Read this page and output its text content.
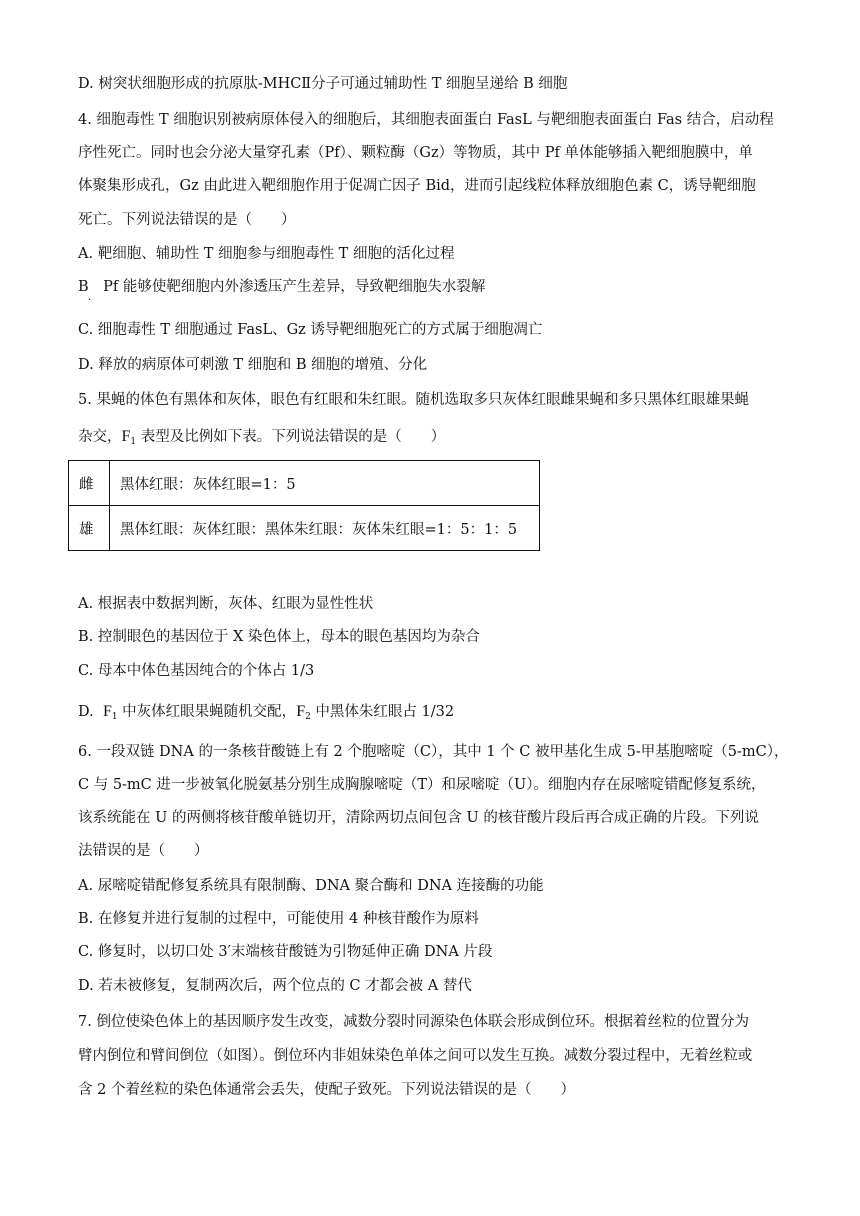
D. 树突状细胞形成的抗原肽-MHCⅡ分子可通过辅助性 T 细胞呈递给 B 细胞
4. 细胞毒性 T 细胞识别被病原体侵入的细胞后，其细胞表面蛋白 FasL 与靶细胞表面蛋白 Fas 结合，启动程
序性死亡。同时也会分泌大量穿孔素（Pf）、颗粒酶（Gz）等物质，其中 Pf 单体能够插入靶细胞膜中，单
体聚集形成孔，Gz 由此进入靶细胞作用于促凋亡因子 Bid，进而引起线粒体释放细胞色素 C，诱导靶细胞
死亡。下列说法错误的是（　　）
A. 靶细胞、辅助性 T 细胞参与细胞毒性 T 细胞的活化过程
B　Pf 能够使靶细胞内外渗透压产生差异，导致靶细胞失水裂解
·
C. 细胞毒性 T 细胞通过 FasL、Gz 诱导靶细胞死亡的方式属于细胞凋亡
D. 释放的病原体可刺激 T 细胞和 B 细胞的增殖、分化
5. 果蝇的体色有黑体和灰体，眼色有红眼和朱红眼。随机选取多只灰体红眼雌果蝇和多只黑体红眼雄果蝇
杂交，$F_1$ 表型及比例如下表。下列说法错误的是（　　）
雌	黑体红眼：灰体红眼=1：5
雄	黑体红眼：灰体红眼：黑体朱红眼：灰体朱红眼=1：5：1：5
A. 根据表中数据判断，灰体、红眼为显性性状
B. 控制眼色的基因位于 X 染色体上，母本的眼色基因均为杂合
C. 母本中体色基因纯合的个体占 1/3
D.  $F_1$ 中灰体红眼果蝇随机交配，$F_2$ 中黑体朱红眼占 1/32
6. 一段双链 DNA 的一条核苷酸链上有 2 个胞嘧啶（C），其中 1 个 C 被甲基化生成 5-甲基胞嘧啶（5-mC），
C 与 5-mC 进一步被氧化脱氨基分别生成胸腺嘧啶（T）和尿嘧啶（U）。细胞内存在尿嘧啶错配修复系统，
该系统能在 U 的两侧将核苷酸单链切开，清除两切点间包含 U 的核苷酸片段后再合成正确的片段。下列说
法错误的是（　　）
A. 尿嘧啶错配修复系统具有限制酶、DNA 聚合酶和 DNA 连接酶的功能
B. 在修复并进行复制的过程中，可能使用 4 种核苷酸作为原料
C. 修复时，以切口处 3′末端核苷酸链为引物延伸正确 DNA 片段
D. 若未被修复，复制两次后，两个位点的 C 才都会被 A 替代
7. 倒位使染色体上的基因顺序发生改变，减数分裂时同源染色体联会形成倒位环。根据着丝粒的位置分为
臂内倒位和臂间倒位（如图）。倒位环内非姐妹染色单体之间可以发生互换。减数分裂过程中，无着丝粒或
含 2 个着丝粒的染色体通常会丢失，使配子致死。下列说法错误的是（　　）
